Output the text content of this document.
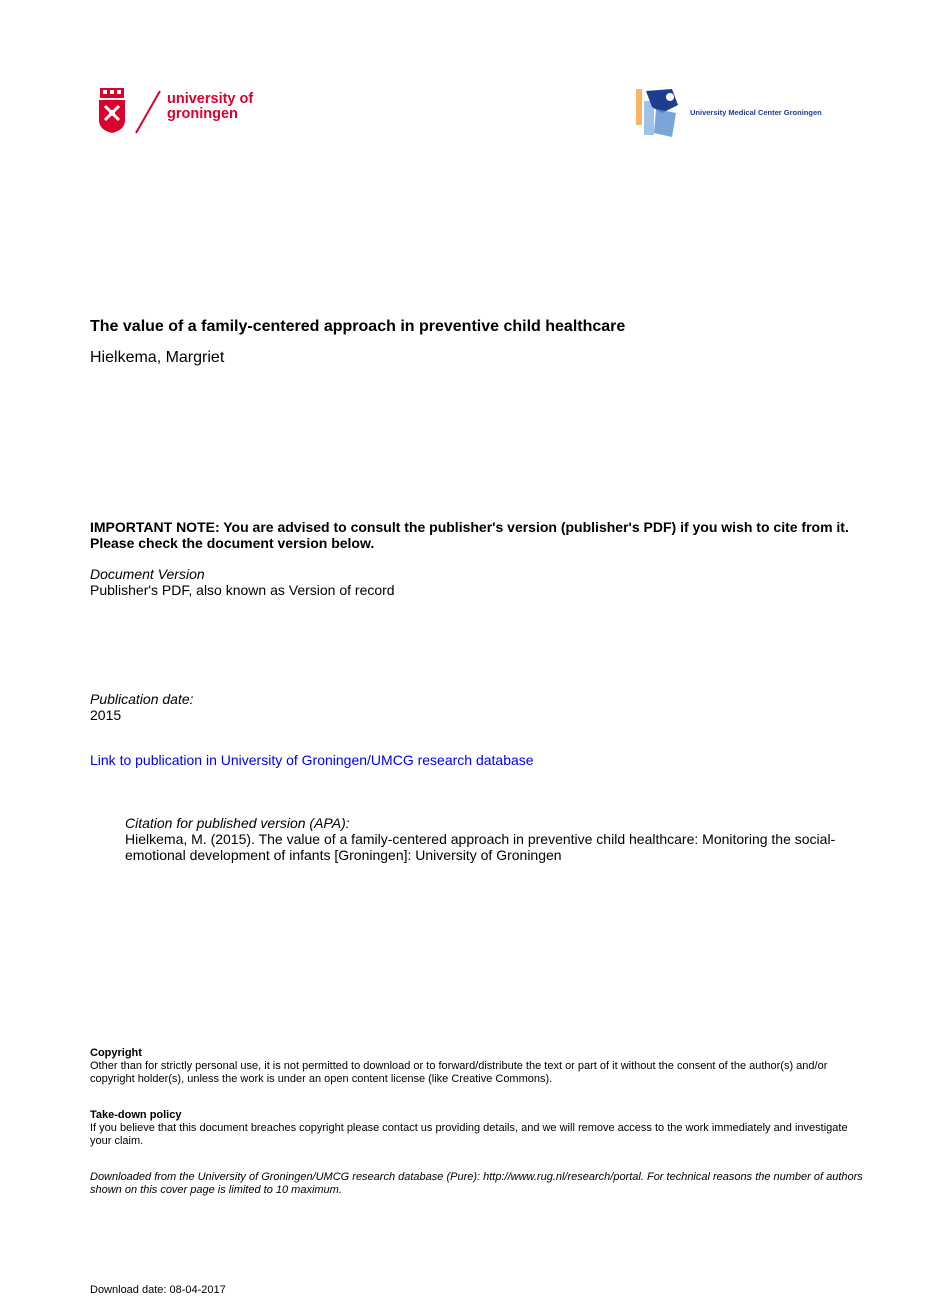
university of
groningen	University Medical Center Groningen
The value of a family-centered approach in preventive child healthcare
Hielkema, Margriet
IMPORTANT NOTE: You are advised to consult the publisher's version (publisher's PDF) if you wish to cite from it. Please check the document version below.
Document Version
Publisher's PDF, also known as Version of record
Publication date:
2015
Link to publication in University of Groningen/UMCG research database
Citation for published version (APA):
Hielkema, M. (2015). The value of a family-centered approach in preventive child healthcare: Monitoring the social-emotional development of infants [Groningen]: University of Groningen
Copyright
Other than for strictly personal use, it is not permitted to download or to forward/distribute the text or part of it without the consent of the author(s) and/or copyright holder(s), unless the work is under an open content license (like Creative Commons).
Take-down policy
If you believe that this document breaches copyright please contact us providing details, and we will remove access to the work immediately and investigate your claim.
Downloaded from the University of Groningen/UMCG research database (Pure): http://www.rug.nl/research/portal. For technical reasons the number of authors shown on this cover page is limited to 10 maximum.
Download date: 08-04-2017
